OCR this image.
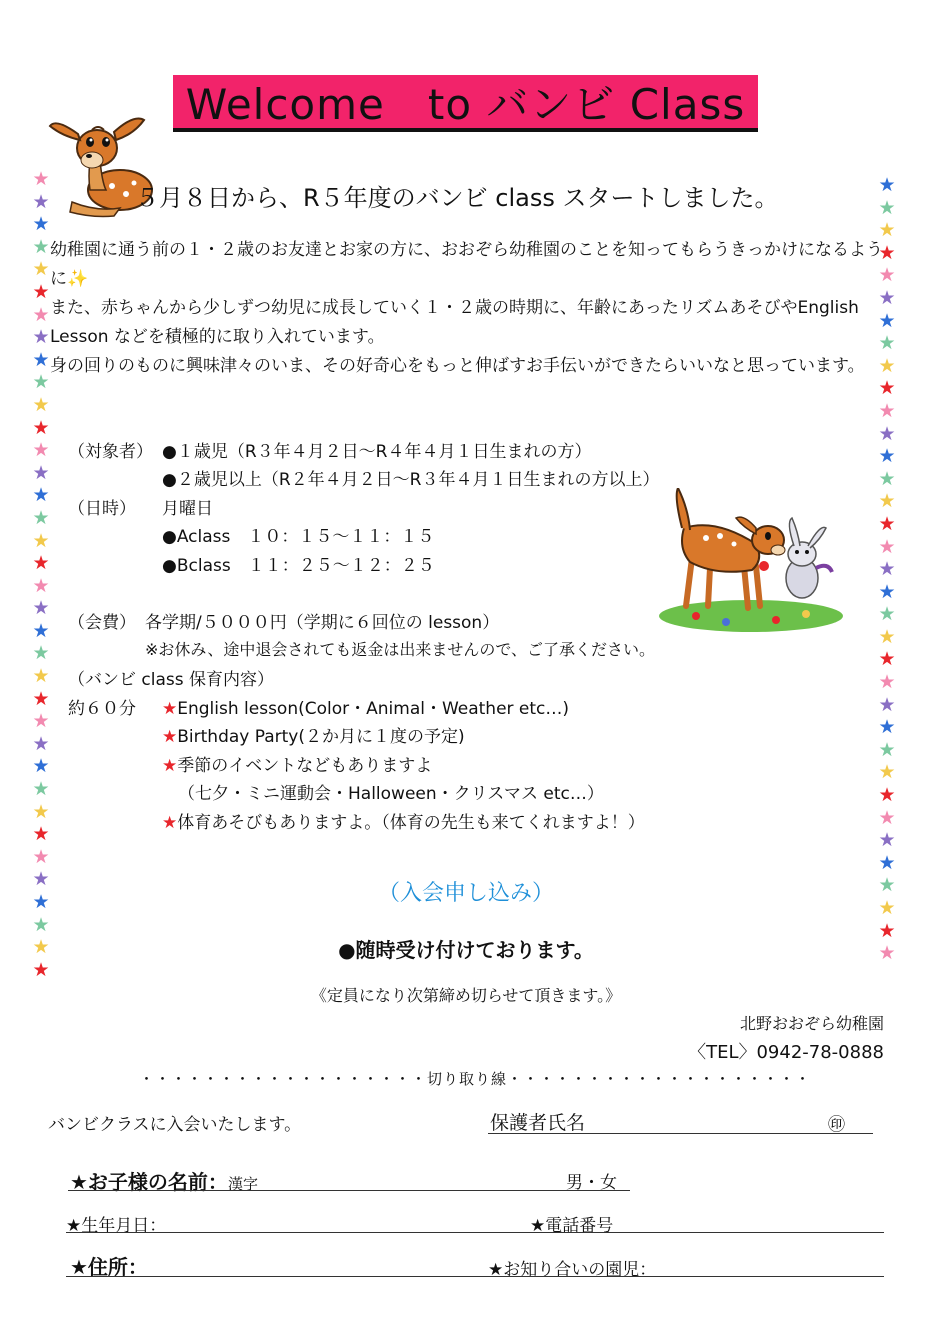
Welcome　to バンビ Class
５月８日から、R５年度のバンビ class スタートしました。

幼稚園に通う前の１・２歳のお友達とお家の方に、おおぞら幼稚園のことを知ってもらうきっかけになるように✨

また、赤ちゃんから少しずつ幼児に成長していく１・２歳の時期に、年齢にあったリズムあそびやEnglish Lesson などを積極的に取り入れています。

身の回りのものに興味津々のいま、その好奇心をもっと伸ばすお手伝いができたらいいなと思っています。

（対象者） ●１歳児（R３年４月２日～R４年４月１日生まれの方）
●２歳児以上（R２年４月２日～R３年４月１日生まれの方以上）
（日時） 月曜日
●Aclass　１０：１５～１１：１５
●Bclass　１１：２５～１２：２５
（会費） 各学期/５０００円（学期に６回位の lesson）
※お休み、途中退会されても返金は出来ませんので、ご了承ください。
（バンビ class 保育内容）
約６０分 ★English lesson(Color・Animal・Weather etc…)
★Birthday Party(２か月に１度の予定)
★季節のイベントなどもありますよ
（七夕・ミニ運動会・Halloween・クリスマス etc…）
★体育あそびもありますよ。（体育の先生も来てくれますよ！）
（入会申し込み）
●随時受け付けております。
《定員になり次第締め切らせて頂きます。》
北野おおぞら幼稚園
〈TEL〉0942-78-0888
・・・・・・・・・・・・・・・・・・切り取り線・・・・・・・・・・・・・・・・・・・
バンビクラスに入会いたします。	保護者氏名	㊞
★お子様の名前：漢字	男・女
★生年月日：	★電話番号
★住所：	★お知り合いの園児：
★
★
★
★
★
★
★
★
★
★
★
★
★
★
★
★
★
★
★
★
★
★
★
★
★
★
★
★
★
★
★
★
★
★
★
★
★
★
★
★
★
★
★
★
★
★
★
★
★
★
★
★
★
★
★
★
★
★
★
★
★
★
★
★
★
★
★
★
★
★
★
